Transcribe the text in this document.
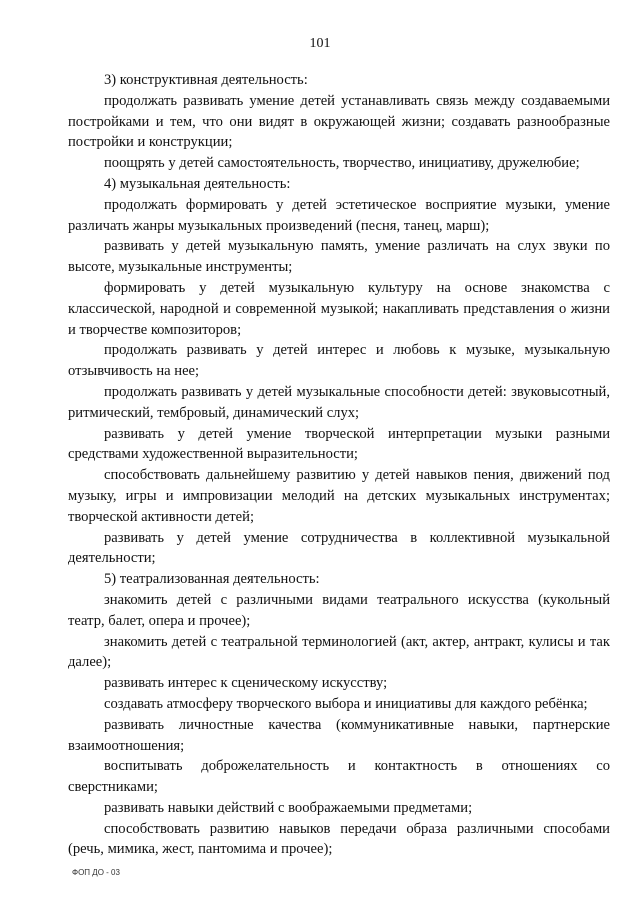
101

3) конструктивная деятельность:

продолжать развивать умение детей устанавливать связь между создаваемыми постройками и тем, что они видят в окружающей жизни; создавать разнообразные постройки и конструкции;

поощрять у детей самостоятельность, творчество, инициативу, дружелюбие;

4) музыкальная деятельность:

продолжать формировать у детей эстетическое восприятие музыки, умение различать жанры музыкальных произведений (песня, танец, марш);

развивать у детей музыкальную память, умение различать на слух звуки по высоте, музыкальные инструменты;

формировать у детей музыкальную культуру на основе знакомства с классической, народной и современной музыкой; накапливать представления о жизни и творчестве композиторов;

продолжать развивать у детей интерес и любовь к музыке, музыкальную отзывчивость на нее;

продолжать развивать у детей музыкальные способности детей: звуковысотный, ритмический, тембровый, динамический слух;

развивать у детей умение творческой интерпретации музыки разными средствами художественной выразительности;

способствовать дальнейшему развитию у детей навыков пения, движений под музыку, игры и импровизации мелодий на детских музыкальных инструментах; творческой активности детей;

развивать у детей умение сотрудничества в коллективной музыкальной деятельности;

5) театрализованная деятельность:

знакомить детей с различными видами театрального искусства (кукольный театр, балет, опера и прочее);

знакомить детей с театральной терминологией (акт, актер, антракт, кулисы и так далее);

развивать интерес к сценическому искусству;

создавать атмосферу творческого выбора и инициативы для каждого ребёнка;

развивать личностные качества (коммуникативные навыки, партнерские взаимоотношения;

воспитывать доброжелательность и контактность в отношениях со сверстниками;

развивать навыки действий с воображаемыми предметами;

способствовать развитию навыков передачи образа различными способами (речь, мимика, жест, пантомима и прочее);

ФОП ДО - 03
